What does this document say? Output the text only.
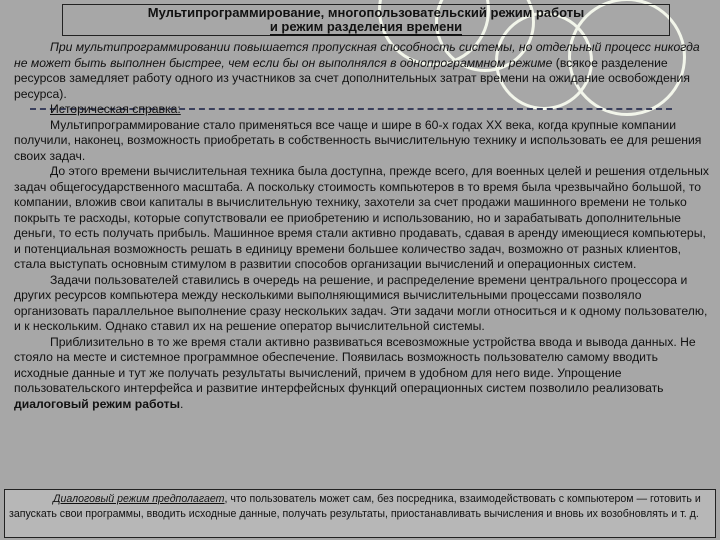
Мультипрограммирование, многопользовательский режим работы
и режим разделения времени

При мультипрограммировании повышается пропускная способность системы, но отдельный процесс никогда не может быть выполнен быстрее, чем если бы он выполнялся в однопрограммном режиме (всякое разделение ресурсов замедляет работу одного из участников за счет дополнительных затрат времени на ожидание освобождения ресурса).

Историческая справка:

Мультипрограммирование стало применяться все чаще и шире в 60-х годах XX века, когда крупные компании получили, наконец, возможность приобретать в собственность вычислительную технику и использовать ее для решения своих задач.

До этого времени вычислительная техника была доступна, прежде всего, для военных целей и решения отдельных задач общегосударственного масштаба. А поскольку стоимость компьютеров в то время была чрезвычайно большой, то компании, вложив свои капиталы в вычислительную технику, захотели за счет продажи машинного времени не только покрыть те расходы, которые сопутствовали ее приобретению и использованию, но и зарабатывать дополнительные деньги, то есть получать прибыль. Машинное время стали активно продавать, сдавая в аренду имеющиеся компьютеры, и потенциальная возможность решать в единицу времени большее количество задач, возможно от разных клиентов, стала выступать основным стимулом в развитии способов организации вычислений и операционных систем.

Задачи пользователей ставились в очередь на решение, и распределение времени центрального процессора и других ресурсов компьютера между несколькими выполняющимися вычислительными процессами позволяло организовать параллельное выполнение сразу нескольких задач. Эти задачи могли относиться и к одному пользователю, и к нескольким. Однако ставил их на решение оператор вычислительной системы.

Приблизительно в то же время стали активно развиваться всевозможные устройства ввода и вывода данных. Не стояло на месте и системное программное обеспечение. Появилась возможность пользователю самому вводить исходные данные и тут же получать результаты вычислений, причем в удобном для него виде. Упрощение пользовательского интерфейса и развитие интерфейсных функций операционных систем позволило реализовать диалоговый режим работы.

Диалоговый режим предполагает, что пользователь может сам, без посредника, взаимодействовать с компьютером — готовить и запускать свои программы, вводить исходные данные, получать результаты, приостанавливать вычисления и вновь их возобновлять и т. д.
